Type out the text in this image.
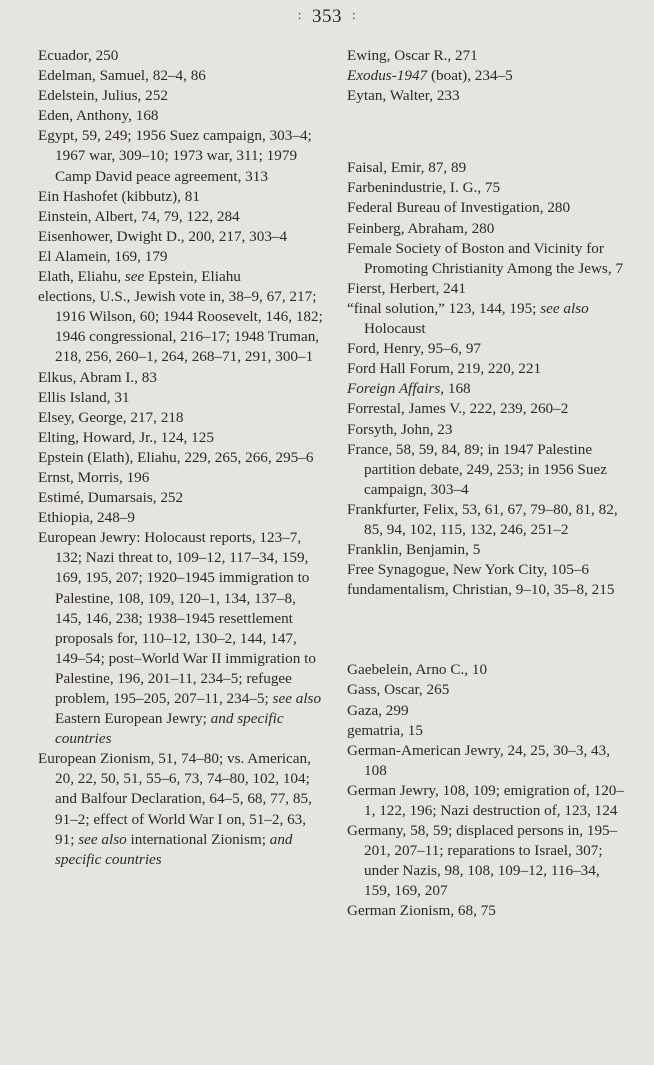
: 353 :
Ecuador, 250
Edelman, Samuel, 82–4, 86
Edelstein, Julius, 252
Eden, Anthony, 168
Egypt, 59, 249; 1956 Suez campaign, 303–4; 1967 war, 309–10; 1973 war, 311; 1979 Camp David peace agreement, 313
Ein Hashofet (kibbutz), 81
Einstein, Albert, 74, 79, 122, 284
Eisenhower, Dwight D., 200, 217, 303–4
El Alamein, 169, 179
Elath, Eliahu, see Epstein, Eliahu
elections, U.S., Jewish vote in, 38–9, 67, 217; 1916 Wilson, 60; 1944 Roosevelt, 146, 182; 1946 congressional, 216–17; 1948 Truman, 218, 256, 260–1, 264, 268–71, 291, 300–1
Elkus, Abram I., 83
Ellis Island, 31
Elsey, George, 217, 218
Elting, Howard, Jr., 124, 125
Epstein (Elath), Eliahu, 229, 265, 266, 295–6
Ernst, Morris, 196
Estimé, Dumarsais, 252
Ethiopia, 248–9
European Jewry: Holocaust reports, 123–7, 132; Nazi threat to, 109–12, 117–34, 159, 169, 195, 207; 1920–1945 immigration to Palestine, 108, 109, 120–1, 134, 137–8, 145, 146, 238; 1938–1945 resettlement proposals for, 110–12, 130–2, 144, 147, 149–54; post–World War II immigration to Palestine, 196, 201–11, 234–5; refugee problem, 195–205, 207–11, 234–5; see also Eastern European Jewry; and specific countries
European Zionism, 51, 74–80; vs. American, 20, 22, 50, 51, 55–6, 73, 74–80, 102, 104; and Balfour Declaration, 64–5, 68, 77, 85, 91–2; effect of World War I on, 51–2, 63, 91; see also international Zionism; and specific countries
Ewing, Oscar R., 271
Exodus-1947 (boat), 234–5
Eytan, Walter, 233
Faisal, Emir, 87, 89
Farbenindustrie, I. G., 75
Federal Bureau of Investigation, 280
Feinberg, Abraham, 280
Female Society of Boston and Vicinity for Promoting Christianity Among the Jews, 7
Fierst, Herbert, 241
“final solution,” 123, 144, 195; see also Holocaust
Ford, Henry, 95–6, 97
Ford Hall Forum, 219, 220, 221
Foreign Affairs, 168
Forrestal, James V., 222, 239, 260–2
Forsyth, John, 23
France, 58, 59, 84, 89; in 1947 Palestine partition debate, 249, 253; in 1956 Suez campaign, 303–4
Frankfurter, Felix, 53, 61, 67, 79–80, 81, 82, 85, 94, 102, 115, 132, 246, 251–2
Franklin, Benjamin, 5
Free Synagogue, New York City, 105–6
fundamentalism, Christian, 9–10, 35–8, 215
Gaebelein, Arno C., 10
Gass, Oscar, 265
Gaza, 299
gematria, 15
German-American Jewry, 24, 25, 30–3, 43, 108
German Jewry, 108, 109; emigration of, 120–1, 122, 196; Nazi destruction of, 123, 124
Germany, 58, 59; displaced persons in, 195–201, 207–11; reparations to Israel, 307; under Nazis, 98, 108, 109–12, 116–34, 159, 169, 207
German Zionism, 68, 75
